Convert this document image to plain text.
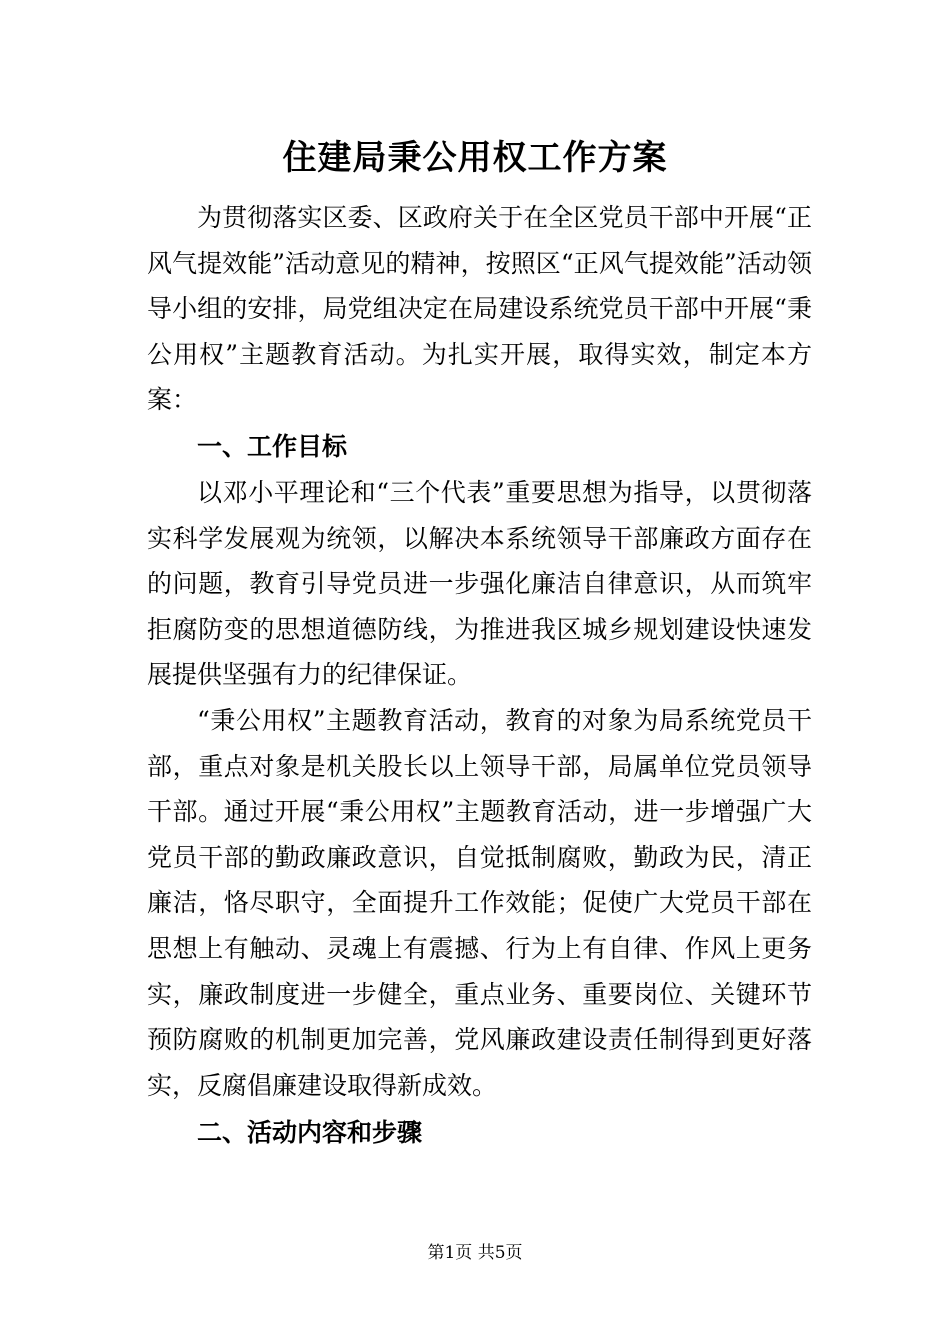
住建局秉公用权工作方案

为贯彻落实区委、区政府关于在全区党员干部中开展“正风气提效能”活动意见的精神，按照区“正风气提效能”活动领导小组的安排，局党组决定在局建设系统党员干部中开展“秉公用权”主题教育活动。为扎实开展，取得实效，制定本方案：

一、工作目标

以邓小平理论和“三个代表”重要思想为指导，以贯彻落实科学发展观为统领，以解决本系统领导干部廉政方面存在的问题，教育引导党员进一步强化廉洁自律意识，从而筑牢拒腐防变的思想道德防线，为推进我区城乡规划建设快速发展提供坚强有力的纪律保证。

“秉公用权”主题教育活动，教育的对象为局系统党员干部，重点对象是机关股长以上领导干部，局属单位党员领导干部。通过开展“秉公用权”主题教育活动，进一步增强广大党员干部的勤政廉政意识，自觉抵制腐败，勤政为民，清正廉洁，恪尽职守，全面提升工作效能；促使广大党员干部在思想上有触动、灵魂上有震撼、行为上有自律、作风上更务实，廉政制度进一步健全，重点业务、重要岗位、关键环节预防腐败的机制更加完善，党风廉政建设责任制得到更好落实，反腐倡廉建设取得新成效。

二、活动内容和步骤
第1页 共5页
